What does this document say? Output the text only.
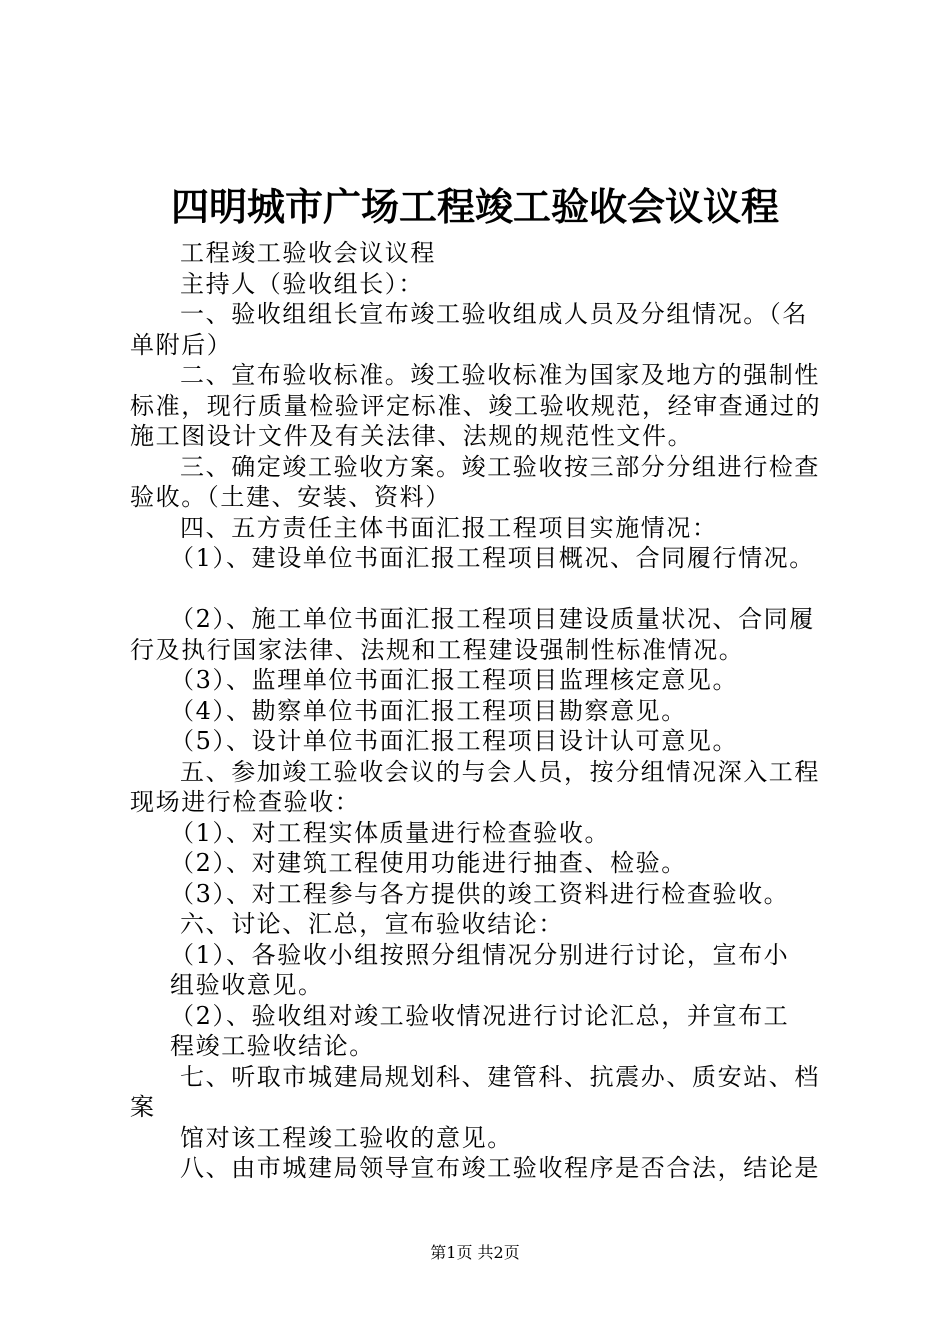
四明城市广场工程竣工验收会议议程
工程竣工验收会议议程
主持人（验收组长）：
一、验收组组长宣布竣工验收组成人员及分组情况。（名
单附后）
二、宣布验收标准。竣工验收标准为国家及地方的强制性
标准，现行质量检验评定标准、竣工验收规范，经审查通过的
施工图设计文件及有关法律、法规的规范性文件。
三、确定竣工验收方案。竣工验收按三部分分组进行检查
验收。（土建、安装、资料）
四、五方责任主体书面汇报工程项目实施情况：
（1）、建设单位书面汇报工程项目概况、合同履行情况。
（2）、施工单位书面汇报工程项目建设质量状况、合同履
行及执行国家法律、法规和工程建设强制性标准情况。
（3）、监理单位书面汇报工程项目监理核定意见。
（4）、勘察单位书面汇报工程项目勘察意见。
（5）、设计单位书面汇报工程项目设计认可意见。
五、参加竣工验收会议的与会人员，按分组情况深入工程
现场进行检查验收：
（1）、对工程实体质量进行检查验收。
（2）、对建筑工程使用功能进行抽查、检验。
（3）、对工程参与各方提供的竣工资料进行检查验收。
六、讨论、汇总，宣布验收结论：
（1）、各验收小组按照分组情况分别进行讨论，宣布小
组验收意见。
（2）、验收组对竣工验收情况进行讨论汇总，并宣布工
程竣工验收结论。
七、听取市城建局规划科、建管科、抗震办、质安站、档
案
馆对该工程竣工验收的意见。
八、由市城建局领导宣布竣工验收程序是否合法，结论是
第1页 共2页
